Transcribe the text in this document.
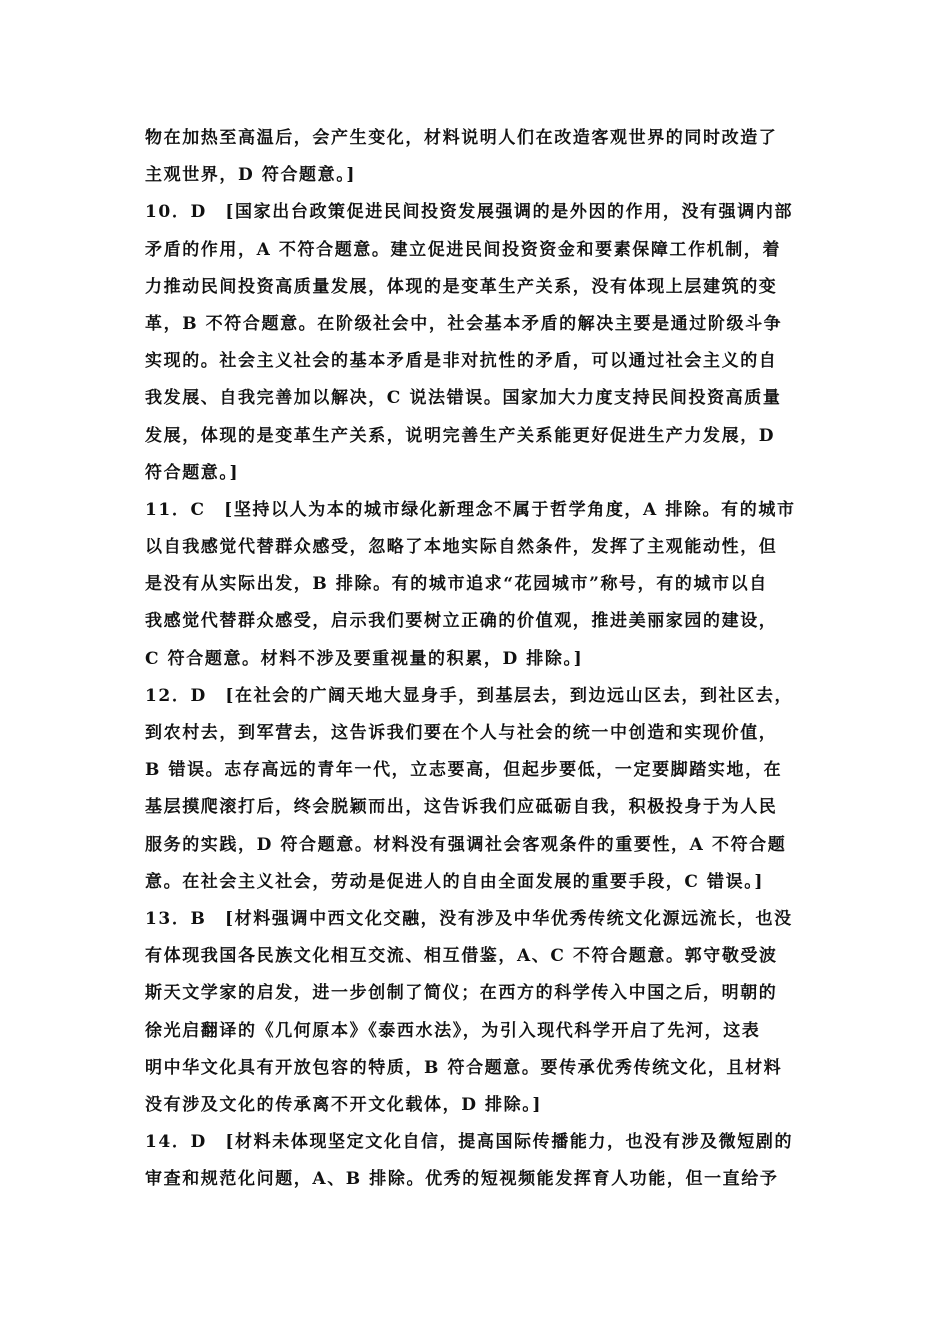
物在加热至高温后，会产生变化，材料说明人们在改造客观世界的同时改造了
主观世界，D 符合题意。]
10．D　[国家出台政策促进民间投资发展强调的是外因的作用，没有强调内部
矛盾的作用，A 不符合题意。建立促进民间投资资金和要素保障工作机制，着
力推动民间投资高质量发展，体现的是变革生产关系，没有体现上层建筑的变
革，B 不符合题意。在阶级社会中，社会基本矛盾的解决主要是通过阶级斗争
实现的。社会主义社会的基本矛盾是非对抗性的矛盾，可以通过社会主义的自
我发展、自我完善加以解决，C 说法错误。国家加大力度支持民间投资高质量
发展，体现的是变革生产关系，说明完善生产关系能更好促进生产力发展，D
符合题意。]
11．C　[坚持以人为本的城市绿化新理念不属于哲学角度，A 排除。有的城市
以自我感觉代替群众感受，忽略了本地实际自然条件，发挥了主观能动性，但
是没有从实际出发，B 排除。有的城市追求“花园城市”称号，有的城市以自
我感觉代替群众感受，启示我们要树立正确的价值观，推进美丽家园的建设，
C 符合题意。材料不涉及要重视量的积累，D 排除。]
12．D　[在社会的广阔天地大显身手，到基层去，到边远山区去，到社区去，
到农村去，到军营去，这告诉我们要在个人与社会的统一中创造和实现价值，
B 错误。志存高远的青年一代，立志要高，但起步要低，一定要脚踏实地，在
基层摸爬滚打后，终会脱颖而出，这告诉我们应砥砺自我，积极投身于为人民
服务的实践，D 符合题意。材料没有强调社会客观条件的重要性，A 不符合题
意。在社会主义社会，劳动是促进人的自由全面发展的重要手段，C 错误。]
13．B　[材料强调中西文化交融，没有涉及中华优秀传统文化源远流长，也没
有体现我国各民族文化相互交流、相互借鉴，A、C 不符合题意。郭守敬受波
斯天文学家的启发，进一步创制了简仪；在西方的科学传入中国之后，明朝的
徐光启翻译的《几何原本》《泰西水法》，为引入现代科学开启了先河，这表
明中华文化具有开放包容的特质，B 符合题意。要传承优秀传统文化，且材料
没有涉及文化的传承离不开文化载体，D 排除。]
14．D　[材料未体现坚定文化自信，提高国际传播能力，也没有涉及微短剧的
审查和规范化问题，A、B 排除。优秀的短视频能发挥育人功能，但一直给予
